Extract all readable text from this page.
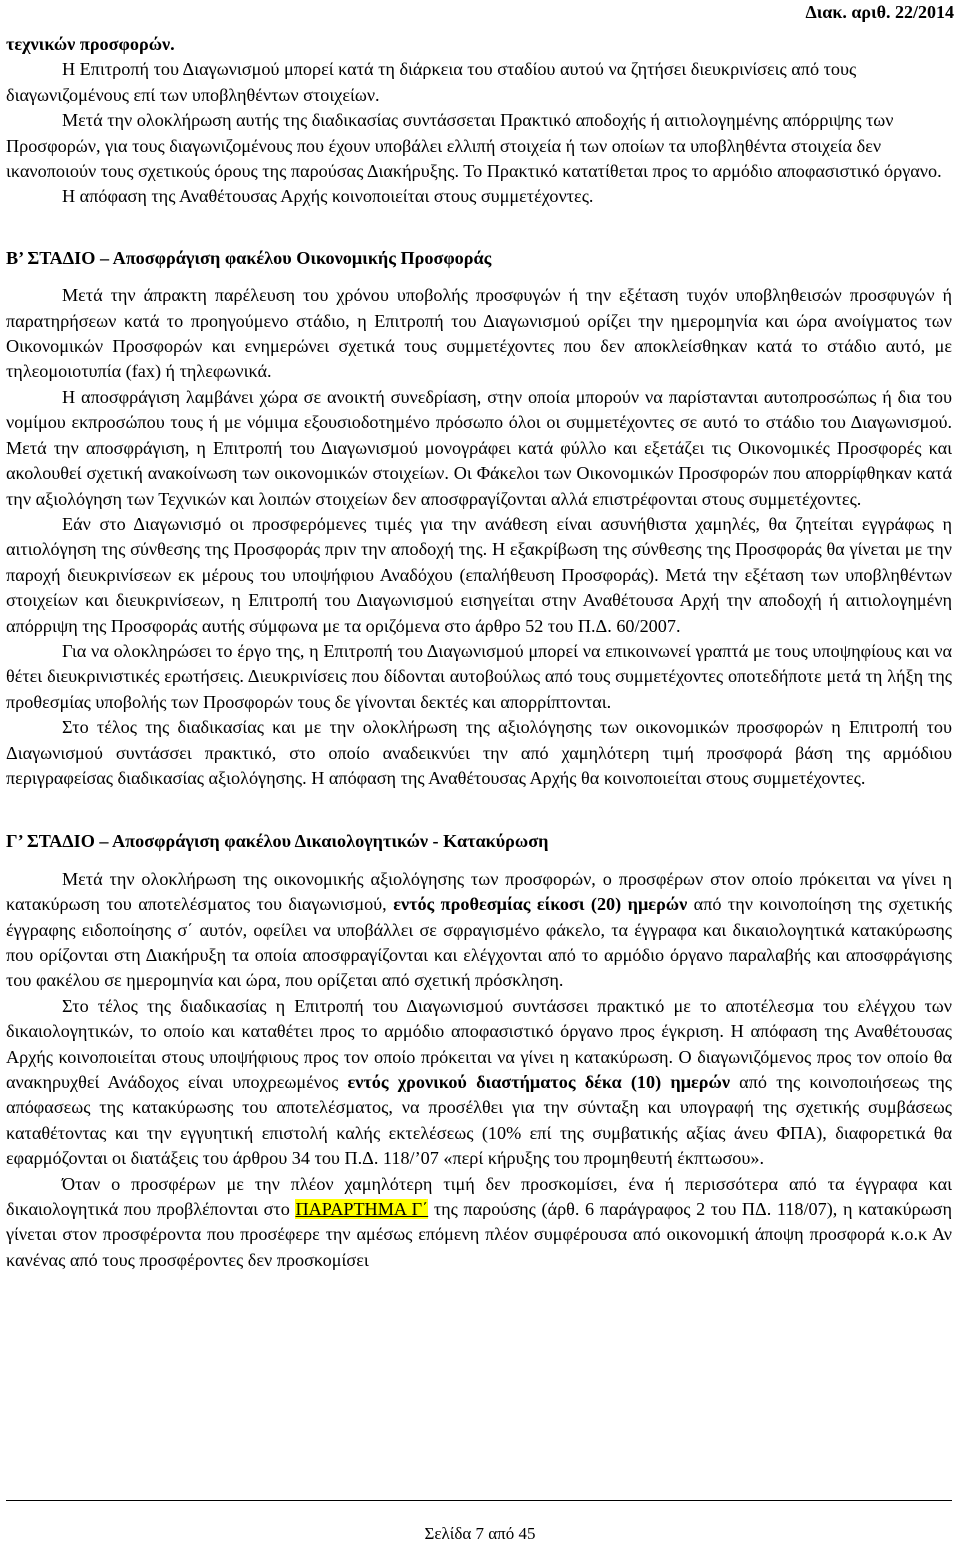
Διακ. αριθ. 22/2014

τεχνικών προσφορών.

Η Επιτροπή του Διαγωνισμού μπορεί κατά τη διάρκεια του σταδίου αυτού να ζητήσει διευκρινίσεις από τους διαγωνιζομένους επί των υποβληθέντων στοιχείων.

Μετά την ολοκλήρωση αυτής της διαδικασίας συντάσσεται Πρακτικό αποδοχής ή αιτιολογημένης απόρριψης των Προσφορών, για τους διαγωνιζομένους που έχουν υποβάλει ελλιπή στοιχεία ή των οποίων τα υποβληθέντα στοιχεία δεν ικανοποιούν τους σχετικούς όρους της παρούσας Διακήρυξης. Το Πρακτικό κατατίθεται προς το αρμόδιο αποφασιστικό όργανο.

Η απόφαση της Αναθέτουσας Αρχής κοινοποιείται στους συμμετέχοντες.

Β’ ΣΤΑΔΙΟ – Αποσφράγιση φακέλου Οικονομικής Προσφοράς

Μετά την άπρακτη παρέλευση του χρόνου υποβολής προσφυγών ή την εξέταση τυχόν υποβληθεισών προσφυγών ή παρατηρήσεων κατά το προηγούμενο στάδιο, η Επιτροπή του Διαγωνισμού ορίζει την ημερομηνία και ώρα ανοίγματος των Οικονομικών Προσφορών και ενημερώνει σχετικά τους συμμετέχοντες που δεν αποκλείσθηκαν κατά το στάδιο αυτό, με τηλεομοιοτυπία (fax) ή τηλεφωνικά.

Η αποσφράγιση λαμβάνει χώρα σε ανοικτή συνεδρίαση, στην οποία μπορούν να παρίστανται αυτοπροσώπως ή δια του νομίμου εκπροσώπου τους ή με νόμιμα εξουσιοδοτημένο πρόσωπο όλοι οι συμμετέχοντες σε αυτό το στάδιο του Διαγωνισμού. Μετά την αποσφράγιση, η Επιτροπή του Διαγωνισμού μονογράφει κατά φύλλο και εξετάζει τις Οικονομικές Προσφορές και ακολουθεί σχετική ανακοίνωση των οικονομικών στοιχείων. Οι Φάκελοι των Οικονομικών Προσφορών που απορρίφθηκαν κατά την αξιολόγηση των Τεχνικών και λοιπών στοιχείων δεν αποσφραγίζονται αλλά επιστρέφονται στους συμμετέχοντες.

Εάν στο Διαγωνισμό οι προσφερόμενες τιμές για την ανάθεση είναι ασυνήθιστα χαμηλές, θα ζητείται εγγράφως η αιτιολόγηση της σύνθεσης της Προσφοράς πριν την αποδοχή της. Η εξακρίβωση της σύνθεσης της Προσφοράς θα γίνεται με την παροχή διευκρινίσεων εκ μέρους του υποψήφιου Αναδόχου (επαλήθευση Προσφοράς). Μετά την εξέταση των υποβληθέντων στοιχείων και διευκρινίσεων, η Επιτροπή του Διαγωνισμού εισηγείται στην Αναθέτουσα Αρχή την αποδοχή ή αιτιολογημένη απόρριψη της Προσφοράς αυτής σύμφωνα με τα οριζόμενα στο άρθρο 52 του Π.Δ. 60/2007.

Για να ολοκληρώσει το έργο της, η Επιτροπή του Διαγωνισμού μπορεί να επικοινωνεί γραπτά με τους υποψηφίους και να θέτει διευκρινιστικές ερωτήσεις. Διευκρινίσεις που δίδονται αυτοβούλως από τους συμμετέχοντες οποτεδήποτε μετά τη λήξη της προθεσμίας υποβολής των Προσφορών τους δε γίνονται δεκτές και απορρίπτονται.

Στο τέλος της διαδικασίας και με την ολοκλήρωση της αξιολόγησης των οικονομικών προσφορών η Επιτροπή του Διαγωνισμού συντάσσει πρακτικό, στο οποίο αναδεικνύει την από χαμηλότερη τιμή προσφορά βάση της αρμόδιου περιγραφείσας διαδικασίας αξιολόγησης. Η απόφαση της Αναθέτουσας Αρχής θα κοινοποιείται στους συμμετέχοντες.

Γ’ ΣΤΑΔΙΟ – Αποσφράγιση φακέλου Δικαιολογητικών - Κατακύρωση

Μετά την ολοκλήρωση της οικονομικής αξιολόγησης των προσφορών, ο προσφέρων στον οποίο πρόκειται να γίνει η κατακύρωση του αποτελέσματος του διαγωνισμού, εντός προθεσμίας είκοσι (20) ημερών από την κοινοποίηση της σχετικής έγγραφης ειδοποίησης σ΄ αυτόν, οφείλει να υποβάλλει σε σφραγισμένο φάκελο, τα έγγραφα και δικαιολογητικά κατακύρωσης που ορίζονται στη Διακήρυξη τα οποία αποσφραγίζονται και ελέγχονται από το αρμόδιο όργανο παραλαβής και αποσφράγισης του φακέλου σε ημερομηνία και ώρα, που ορίζεται από σχετική πρόσκληση.

Στο τέλος της διαδικασίας η Επιτροπή του Διαγωνισμού συντάσσει πρακτικό με το αποτέλεσμα του ελέγχου των δικαιολογητικών, το οποίο και καταθέτει προς το αρμόδιο αποφασιστικό όργανο προς έγκριση. Η απόφαση της Αναθέτουσας Αρχής κοινοποιείται στους υποψήφιους προς τον οποίο πρόκειται να γίνει η κατακύρωση. Ο διαγωνιζόμενος προς τον οποίο θα ανακηρυχθεί Ανάδοχος είναι υποχρεωμένος εντός χρονικού διαστήματος δέκα (10) ημερών από της κοινοποιήσεως της απόφασεως της κατακύρωσης του αποτελέσματος, να προσέλθει για την σύνταξη και υπογραφή της σχετικής συμβάσεως καταθέτοντας και την εγγυητική επιστολή καλής εκτελέσεως (10% επί της συμβατικής αξίας άνευ ΦΠΑ), διαφορετικά θα εφαρμόζονται οι διατάξεις του άρθρου 34 του Π.Δ. 118/’07 «περί κήρυξης του προμηθευτή έκπτωσου».

Όταν ο προσφέρων με την πλέον χαμηλότερη τιμή δεν προσκομίσει, ένα ή περισσότερα από τα έγγραφα και δικαιολογητικά που προβλέπονται στο ΠΑΡΑΡΤΗΜΑ Γ΄ της παρούσης (άρθ. 6 παράγραφος 2 του ΠΔ. 118/07), η κατακύρωση γίνεται στον προσφέροντα που προσέφερε την αμέσως επόμενη πλέον συμφέρουσα από οικονομική άποψη προσφορά κ.ο.κ Αν κανένας από τους προσφέροντες δεν προσκομίσει

Σελίδα 7 από 45
